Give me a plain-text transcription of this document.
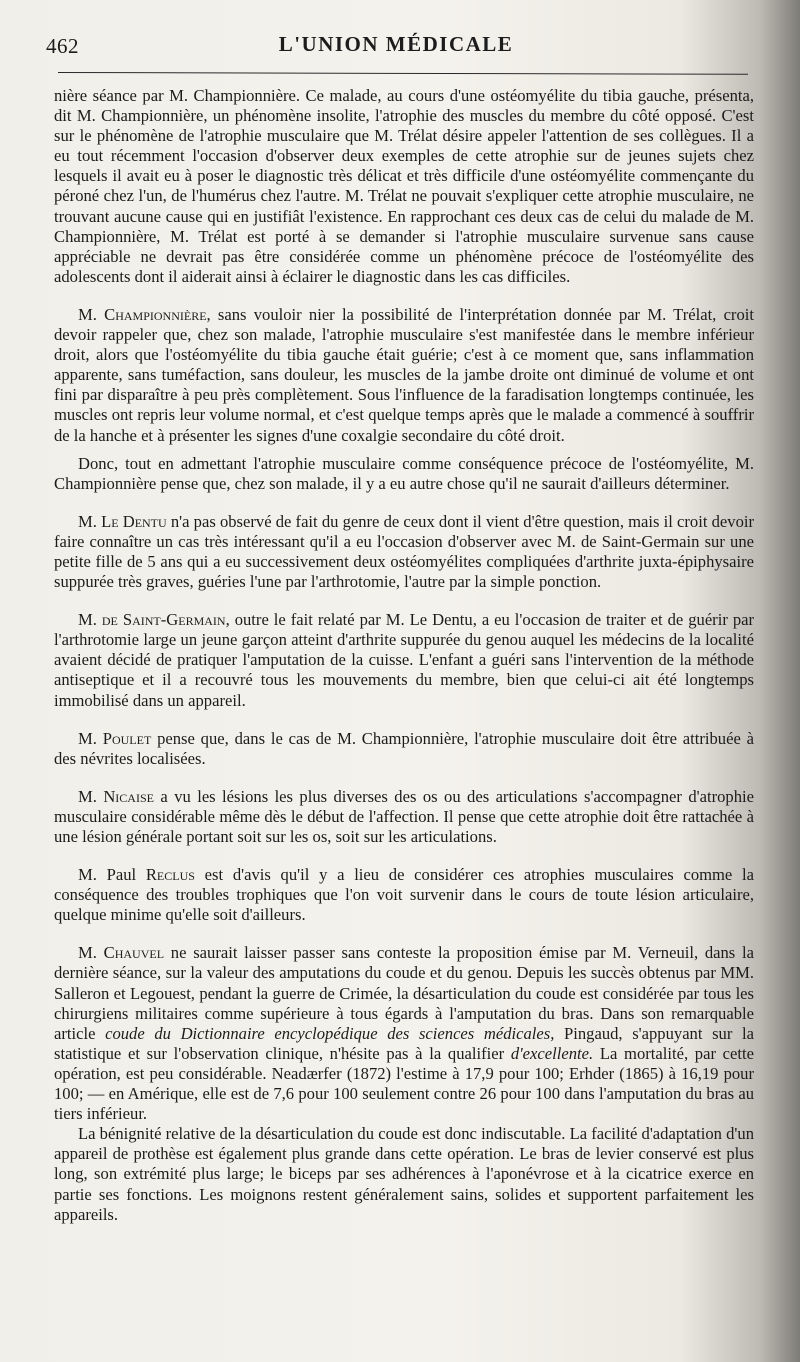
462	L'UNION MÉDICALE

nière séance par M. Championnière. Ce malade, au cours d'une ostéomyélite du tibia gauche, présenta, dit M. Championnière, un phénomène insolite, l'atrophie des muscles du membre du côté opposé. C'est sur le phénomène de l'atrophie musculaire que M. Trélat désire appeler l'attention de ses collègues. Il a eu tout récemment l'occasion d'observer deux exemples de cette atrophie sur de jeunes sujets chez lesquels il avait eu à poser le diagnostic très délicat et très difficile d'une ostéomyélite commençante du péroné chez l'un, de l'humérus chez l'autre. M. Trélat ne pouvait s'expliquer cette atrophie musculaire, ne trouvant aucune cause qui en justifiât l'existence. En rapprochant ces deux cas de celui du malade de M. Championnière, M. Trélat est porté à se demander si l'atrophie musculaire survenue sans cause appréciable ne devrait pas être considérée comme un phénomène précoce de l'ostéomyélite des adolescents dont il aiderait ainsi à éclairer le diagnostic dans les cas difficiles.

M. Championnière, sans vouloir nier la possibilité de l'interprétation donnée par M. Trélat, croit devoir rappeler que, chez son malade, l'atrophie musculaire s'est manifestée dans le membre inférieur droit, alors que l'ostéomyélite du tibia gauche était guérie; c'est à ce moment que, sans inflammation apparente, sans tuméfaction, sans douleur, les muscles de la jambe droite ont diminué de volume et ont fini par disparaître à peu près complètement. Sous l'influence de la faradisation longtemps continuée, les muscles ont repris leur volume normal, et c'est quelque temps après que le malade a commencé à souffrir de la hanche et à présenter les signes d'une coxalgie secondaire du côté droit.

Donc, tout en admettant l'atrophie musculaire comme conséquence précoce de l'ostéomyélite, M. Championnière pense que, chez son malade, il y a eu autre chose qu'il ne saurait d'ailleurs déterminer.

M. Le Dentu n'a pas observé de fait du genre de ceux dont il vient d'être question, mais il croit devoir faire connaître un cas très intéressant qu'il a eu l'occasion d'observer avec M. de Saint-Germain sur une petite fille de 5 ans qui a eu successivement deux ostéomyélites compliquées d'arthrite juxta-épiphysaire suppurée très graves, guéries l'une par l'arthrotomie, l'autre par la simple ponction.

M. de Saint-Germain, outre le fait relaté par M. Le Dentu, a eu l'occasion de traiter et de guérir par l'arthrotomie large un jeune garçon atteint d'arthrite suppurée du genou auquel les médecins de la localité avaient décidé de pratiquer l'amputation de la cuisse. L'enfant a guéri sans l'intervention de la méthode antiseptique et il a recouvré tous les mouvements du membre, bien que celui-ci ait été longtemps immobilisé dans un appareil.

M. Poulet pense que, dans le cas de M. Championnière, l'atrophie musculaire doit être attribuée à des névrites localisées.

M. Nicaise a vu les lésions les plus diverses des os ou des articulations s'accompagner d'atrophie musculaire considérable même dès le début de l'affection. Il pense que cette atrophie doit être rattachée à une lésion générale portant soit sur les os, soit sur les articulations.

M. Paul Reclus est d'avis qu'il y a lieu de considérer ces atrophies musculaires comme la conséquence des troubles trophiques que l'on voit survenir dans le cours de toute lésion articulaire, quelque minime qu'elle soit d'ailleurs.

M. Chauvel ne saurait laisser passer sans conteste la proposition émise par M. Verneuil, dans la dernière séance, sur la valeur des amputations du coude et du genou. Depuis les succès obtenus par MM. Salleron et Legouest, pendant la guerre de Crimée, la désarticulation du coude est considérée par tous les chirurgiens militaires comme supérieure à tous égards à l'amputation du bras. Dans son remarquable article coude du Dictionnaire encyclopédique des sciences médicales, Pingaud, s'appuyant sur la statistique et sur l'observation clinique, n'hésite pas à la qualifier d'excellente. La mortalité, par cette opération, est peu considérable. Neadærfer (1872) l'estime à 17,9 pour 100; Erhder (1865) à 16,19 pour 100; — en Amérique, elle est de 7,6 pour 100 seulement contre 26 pour 100 dans l'amputation du bras au tiers inférieur.

La bénignité relative de la désarticulation du coude est donc indiscutable. La facilité d'adaptation d'un appareil de prothèse est également plus grande dans cette opération. Le bras de levier conservé est plus long, son extrémité plus large; le biceps par ses adhérences à l'aponévrose et à la cicatrice exerce en partie ses fonctions. Les moignons restent généralement sains, solides et supportent parfaitement les appareils.
